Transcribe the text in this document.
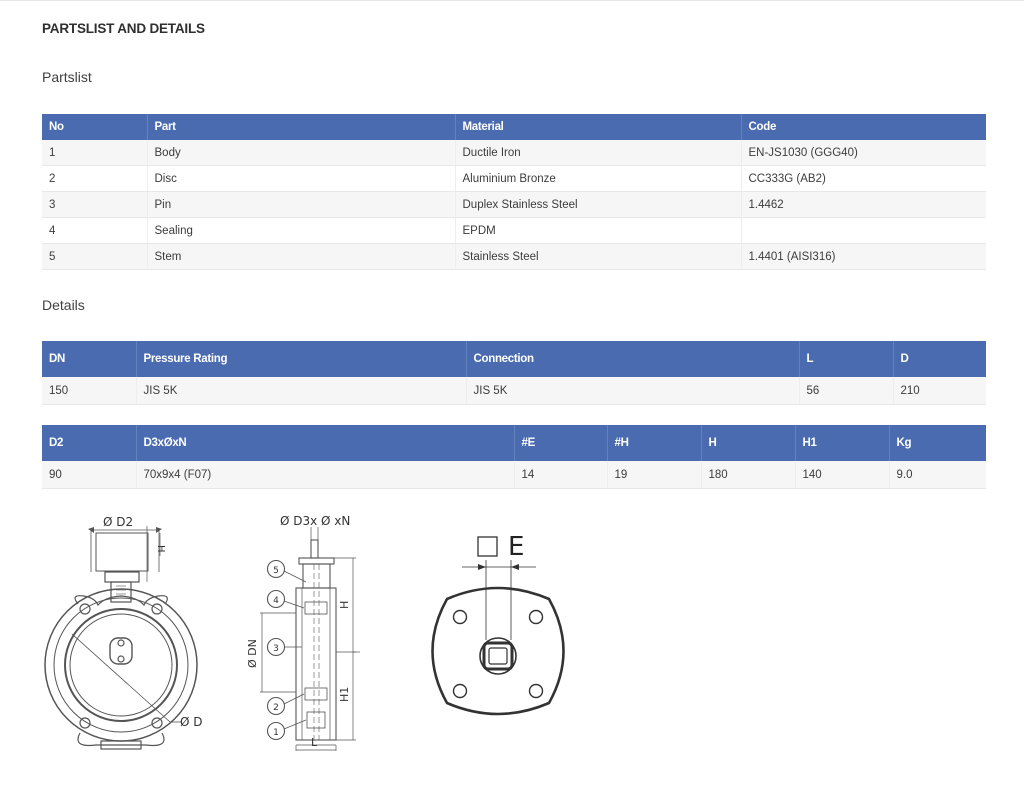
PARTSLIST AND DETAILS
Partslist
No	Part	Material	Code
1	Body	Ductile Iron	EN-JS1030 (GGG40)
2	Disc	Aluminium Bronze	CC333G (AB2)
3	Pin	Duplex Stainless Steel	1.4462
4	Sealing	EPDM	
5	Stem	Stainless Steel	1.4401 (AISI316)
Details
DN	Pressure Rating	Connection	L	D
150	JIS 5K	JIS 5K	56	210
D2	D3xØxN	#E	#H	H	H1	Kg
90	70x9x4 (F07)	14	19	180	140	9.0
Ø D2
H
Ø D
Ø D3x Ø xN
Ø DN
H
H1
L
5
4
3
2
1
E
